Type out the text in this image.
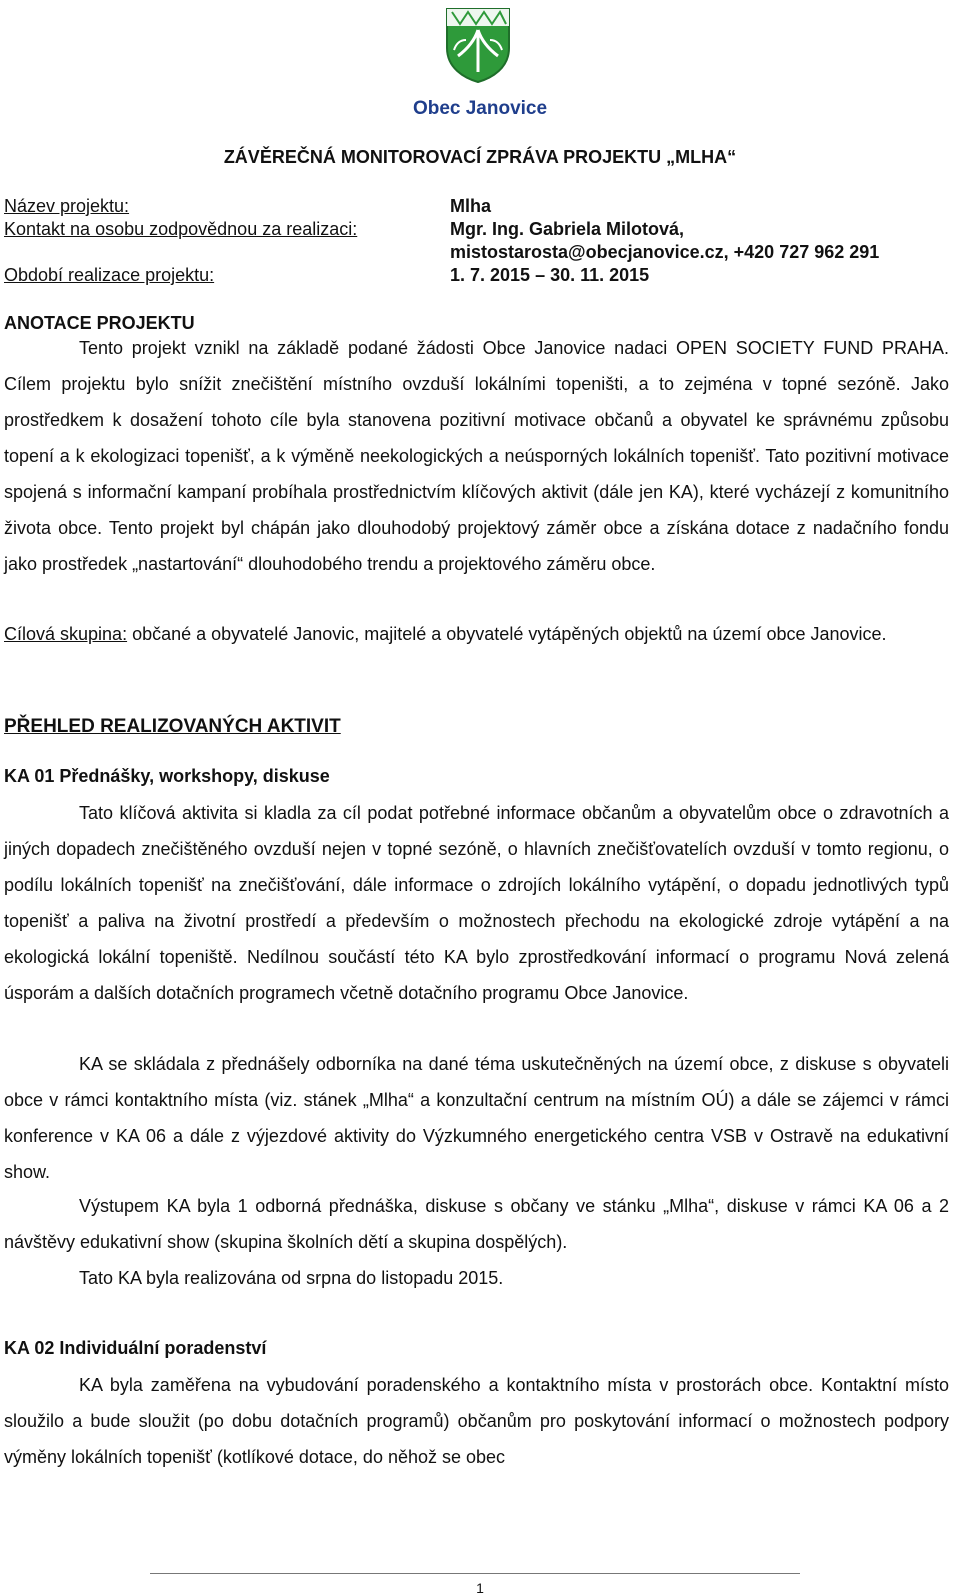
Obec Janovice
ZÁVĚREČNÁ MONITOROVACÍ ZPRÁVA PROJEKTU „MLHA“
Název projektu:	Mlha
Kontakt na osobu zodpovědnou za realizaci:	Mgr. Ing. Gabriela Milotová,
mistostarosta@obecjanovice.cz, +420 727 962 291
Období realizace projektu:	1. 7. 2015 – 30. 11. 2015
ANOTACE PROJEKTU

Tento projekt vznikl na základě podané žádosti Obce Janovice nadaci OPEN SOCIETY FUND PRAHA. Cílem projektu bylo snížit znečištění místního ovzduší lokálními topeništi, a to zejména v topné sezóně. Jako prostředkem k dosažení tohoto cíle byla stanovena pozitivní motivace občanů a obyvatel ke správnému způsobu topení a k ekologizaci topenišť, a k výměně neekologických a neúsporných lokálních topenišť. Tato pozitivní motivace spojená s informační kampaní probíhala prostřednictvím klíčových aktivit (dále jen KA), které vycházejí z komunitního života obce. Tento projekt byl chápán jako dlouhodobý projektový záměr obce a získána dotace z nadačního fondu jako prostředek „nastartování“ dlouhodobého trendu a projektového záměru obce.

Cílová skupina: občané a obyvatelé Janovic, majitelé a obyvatelé vytápěných objektů na území obce Janovice.

PŘEHLED REALIZOVANÝCH AKTIVIT
KA 01 Přednášky, workshopy, diskuse

Tato klíčová aktivita si kladla za cíl podat potřebné informace občanům a obyvatelům obce o zdravotních a jiných dopadech znečištěného ovzduší nejen v topné sezóně, o hlavních znečišťovatelích ovzduší v tomto regionu, o podílu lokálních topenišť na znečišťování, dále informace o zdrojích lokálního vytápění, o dopadu jednotlivých typů topenišť a paliva na životní prostředí a především o možnostech přechodu na ekologické zdroje vytápění a na ekologická lokální topeniště. Nedílnou součástí této KA bylo zprostředkování informací o programu Nová zelená úsporám a dalších dotačních programech včetně dotačního programu Obce Janovice.

KA se skládala z přednášely odborníka na dané téma uskutečněných na území obce, z diskuse s obyvateli obce v rámci kontaktního místa (viz. stánek „Mlha“ a konzultační centrum na místním OÚ) a dále se zájemci v rámci konference v KA 06 a dále z výjezdové aktivity do Výzkumného energetického centra VSB v Ostravě na edukativní show.

Výstupem KA byla 1 odborná přednáška, diskuse s občany ve stánku „Mlha“, diskuse v rámci KA 06 a 2 návštěvy edukativní show (skupina školních dětí a skupina dospělých).

Tato KA byla realizována od srpna do listopadu 2015.

KA 02 Individuální poradenství

KA byla zaměřena na vybudování poradenského a kontaktního místa v prostorách obce. Kontaktní místo sloužilo a bude sloužit (po dobu dotačních programů) občanům pro poskytování informací o možnostech podpory výměny lokálních topenišť (kotlíkové dotace, do něhož se obec

1
